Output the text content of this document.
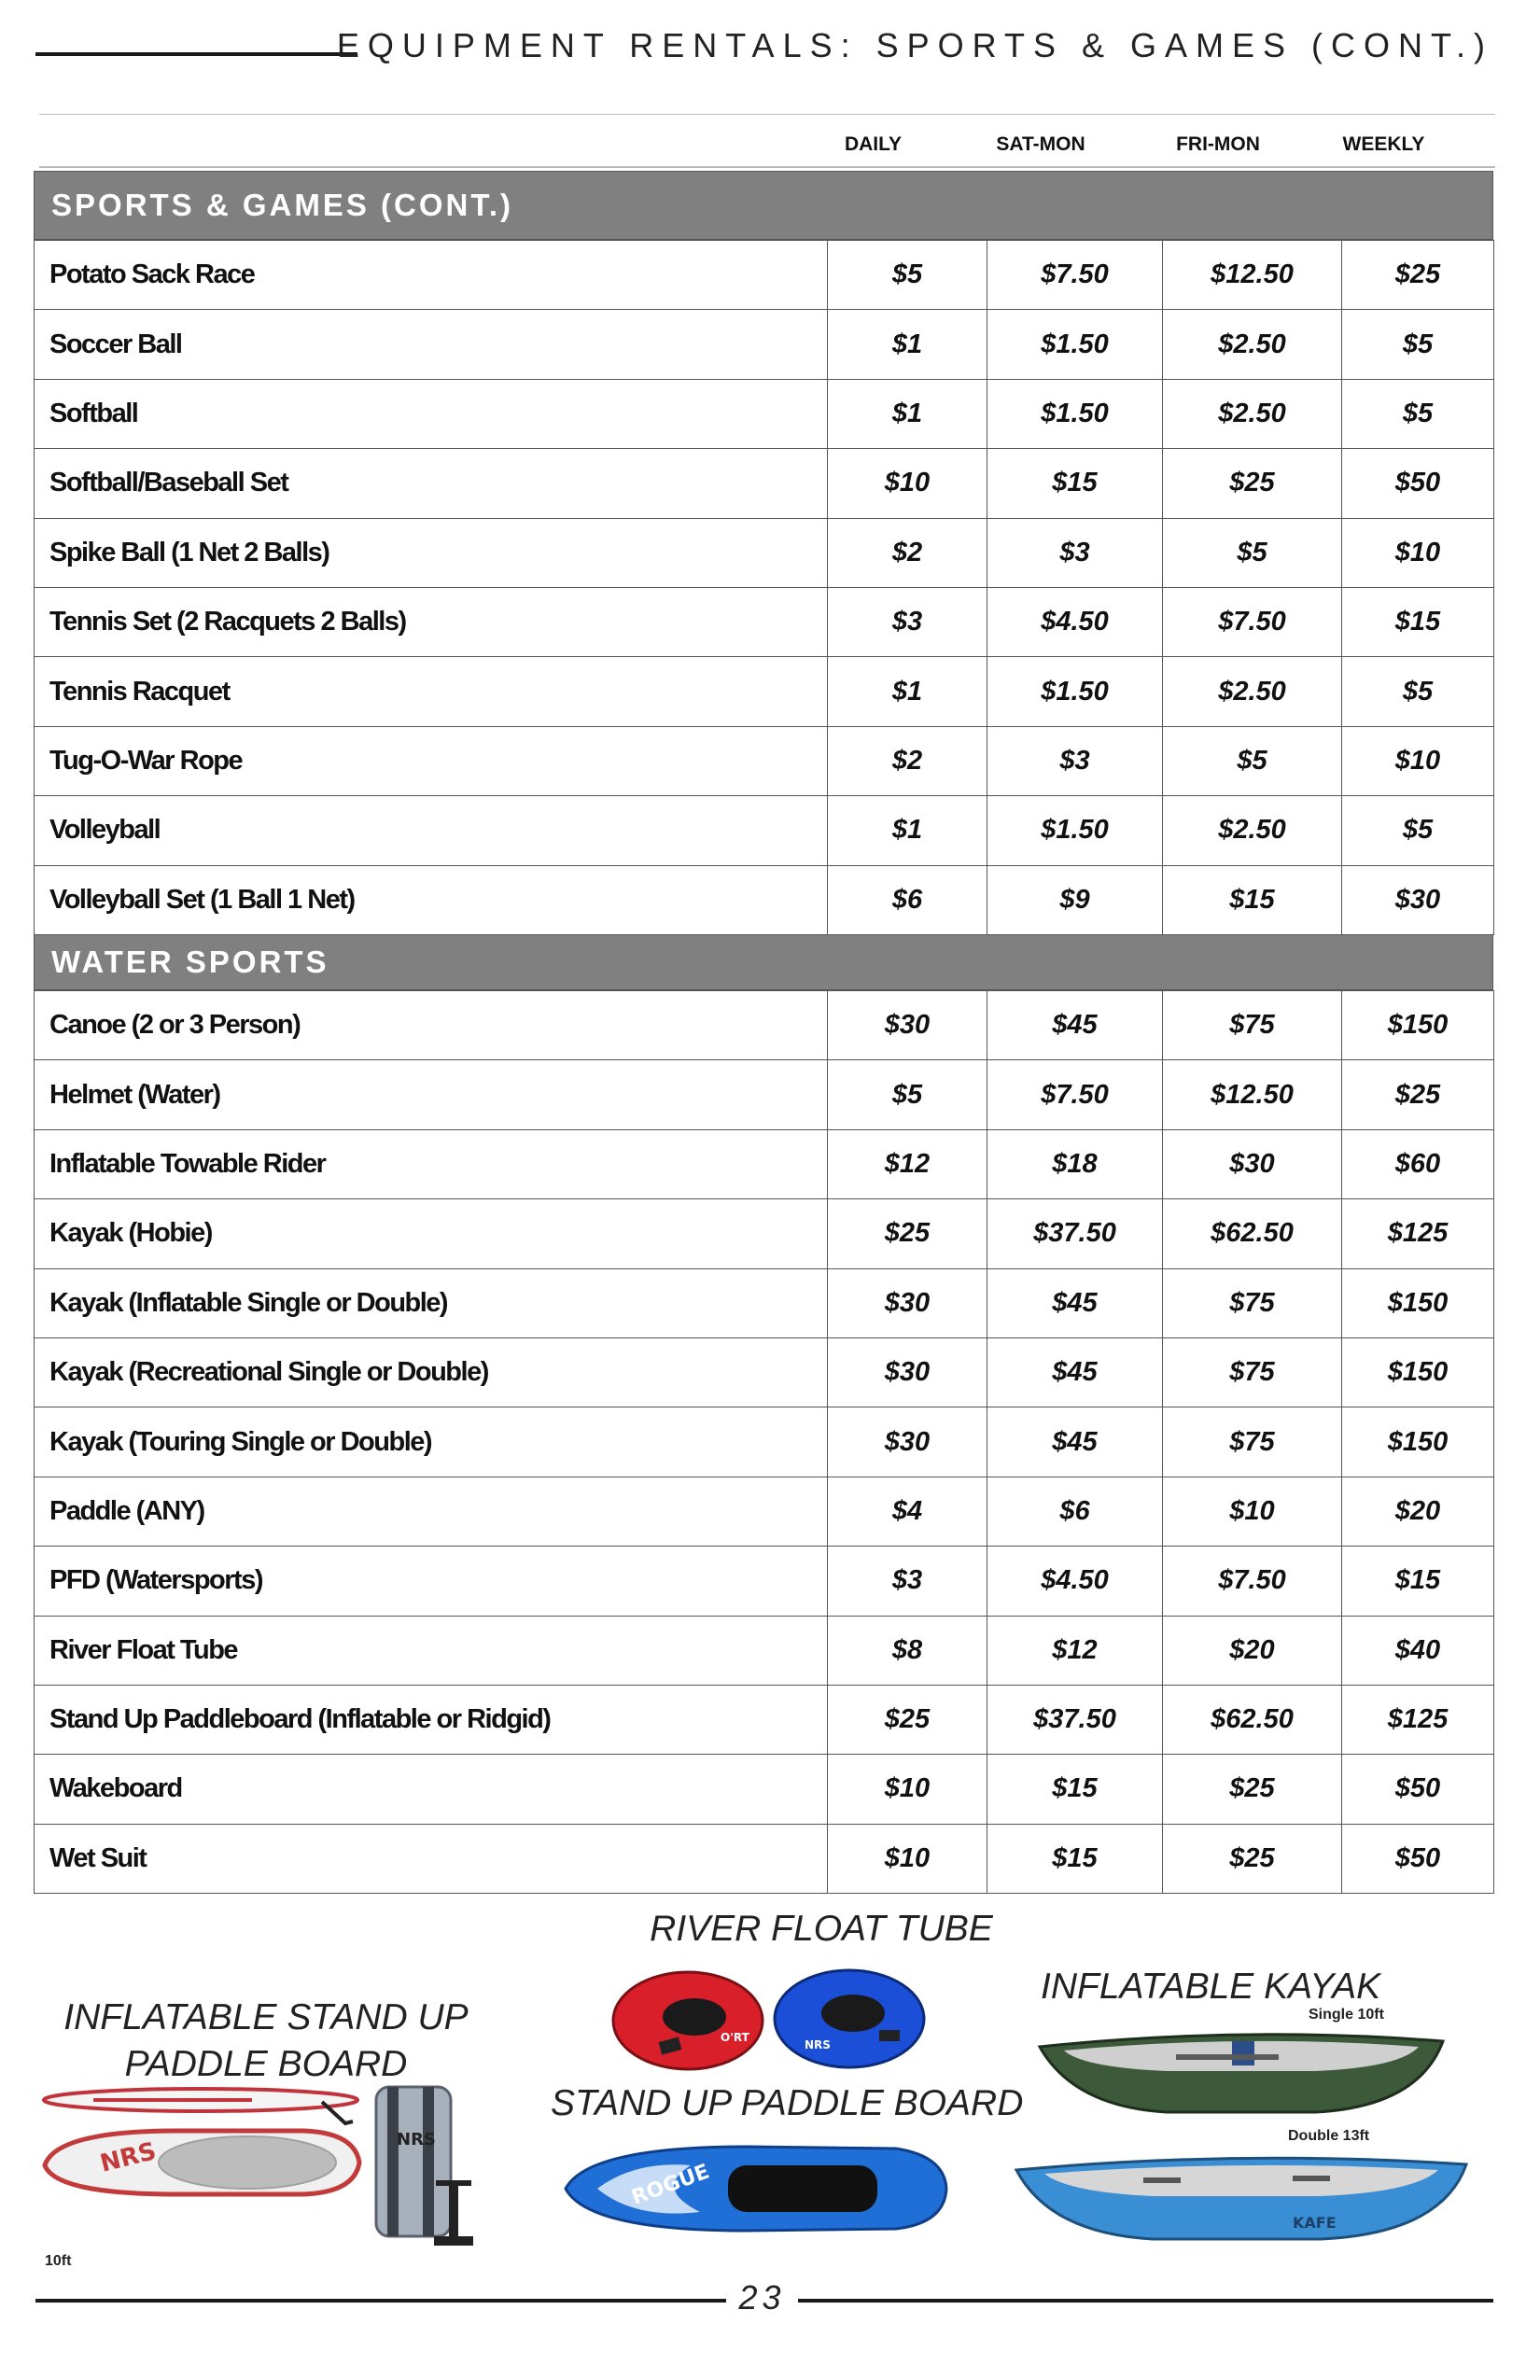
EQUIPMENT RENTALS: SPORTS & GAMES (CONT.)
DAILY	SAT-MON	FRI-MON	WEEKLY
SPORTS & GAMES (CONT.)
Potato Sack Race	$5	$7.50	$12.50	$25
Soccer Ball	$1	$1.50	$2.50	$5
Softball	$1	$1.50	$2.50	$5
Softball/Baseball Set	$10	$15	$25	$50
Spike Ball (1 Net 2 Balls)	$2	$3	$5	$10
Tennis Set (2 Racquets 2 Balls)	$3	$4.50	$7.50	$15
Tennis Racquet	$1	$1.50	$2.50	$5
Tug-O-War Rope	$2	$3	$5	$10
Volleyball	$1	$1.50	$2.50	$5
Volleyball Set (1 Ball 1 Net)	$6	$9	$15	$30
WATER SPORTS
Canoe (2 or 3 Person)	$30	$45	$75	$150
Helmet (Water)	$5	$7.50	$12.50	$25
Inflatable Towable Rider	$12	$18	$30	$60
Kayak (Hobie)	$25	$37.50	$62.50	$125
Kayak (Inflatable Single or Double)	$30	$45	$75	$150
Kayak (Recreational Single or Double)	$30	$45	$75	$150
Kayak (Touring Single or Double)	$30	$45	$75	$150
Paddle (ANY)	$4	$6	$10	$20
PFD (Watersports)	$3	$4.50	$7.50	$15
River Float Tube	$8	$12	$20	$40
Stand Up Paddleboard (Inflatable or Ridgid)	$25	$37.50	$62.50	$125
Wakeboard	$10	$15	$25	$50
Wet Suit	$10	$15	$25	$50
INFLATABLE STAND UP
PADDLE BOARD
RIVER FLOAT TUBE
STAND UP PADDLE BOARD
INFLATABLE KAYAK
NRS
10ft
NRS
O'RT
NRS
ROGUE
Single 10ft
Double 13ft
KAFE
23
